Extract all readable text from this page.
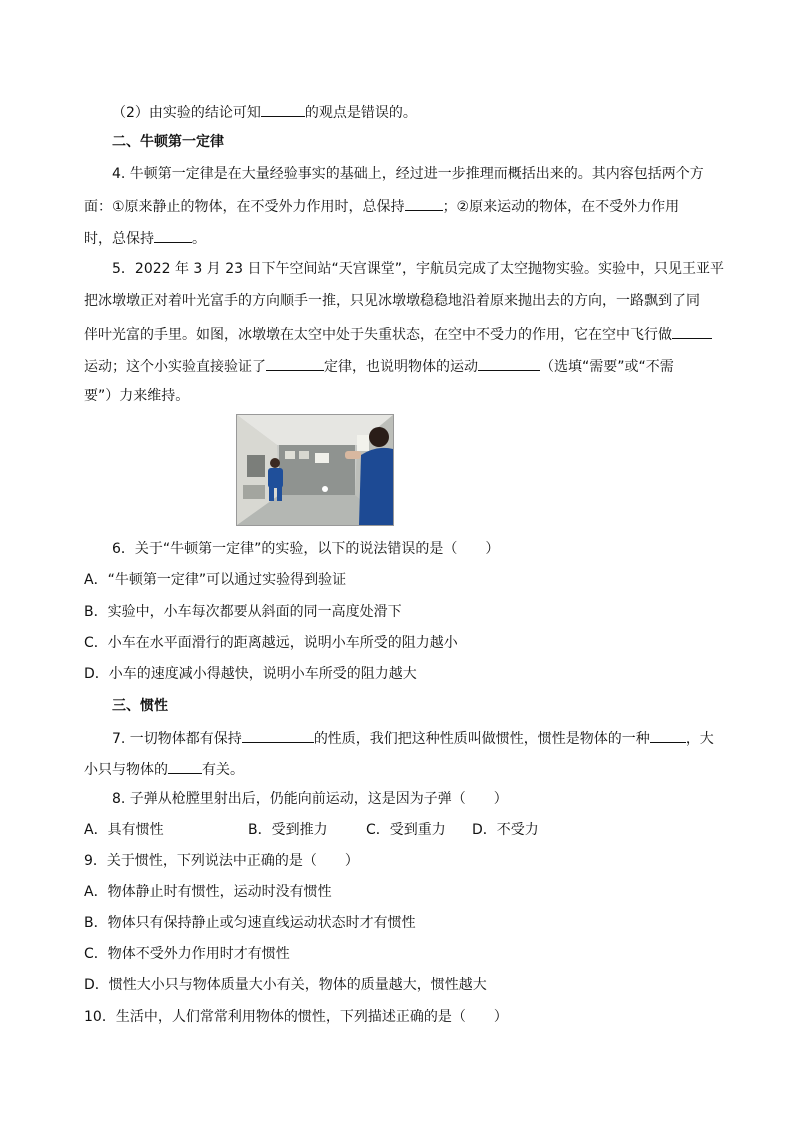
（2）由实验的结论可知	的观点是错误的。
二、牛顿第一定律
4. 牛顿第一定律是在大量经验事实的基础上，经过进一步推理而概括出来的。其内容包括两个方
面：①原来静止的物体，在不受外力作用时，总保持	；②原来运动的物体，在不受外力作用
时，总保持	。
5．2022 年 3 月 23 日下午空间站“天宫课堂”，宇航员完成了太空抛物实验。实验中，只见王亚平
把冰墩墩正对着叶光富手的方向顺手一推，只见冰墩墩稳稳地沿着原来抛出去的方向，一路飘到了同
伴叶光富的手里。如图，冰墩墩在太空中处于失重状态，在空中不受力的作用，它在空中飞行做
运动；这个小实验直接验证了	定律，也说明物体的运动	（选填“需要”或“不需
要”）力来维持。
6．关于“牛顿第一定律”的实验，以下的说法错误的是（　　）
A．“牛顿第一定律”可以通过实验得到验证
B．实验中，小车每次都要从斜面的同一高度处滑下
C．小车在水平面滑行的距离越远，说明小车所受的阻力越小
D．小车的速度减小得越快，说明小车所受的阻力越大
三、惯性
7. 一切物体都有保持	的性质，我们把这种性质叫做惯性，惯性是物体的一种	，大
小只与物体的 有关。
8. 子弹从枪膛里射出后，仍能向前运动，这是因为子弹（　　）
A．具有惯性	B．受到推力	C．受到重力 D．不受力
9．关于惯性，下列说法中正确的是（　　）
A．物体静止时有惯性，运动时没有惯性
B．物体只有保持静止或匀速直线运动状态时才有惯性
C．物体不受外力作用时才有惯性
D．惯性大小只与物体质量大小有关，物体的质量越大，惯性越大
10．生活中，人们常常利用物体的惯性，下列描述正确的是（　　）
